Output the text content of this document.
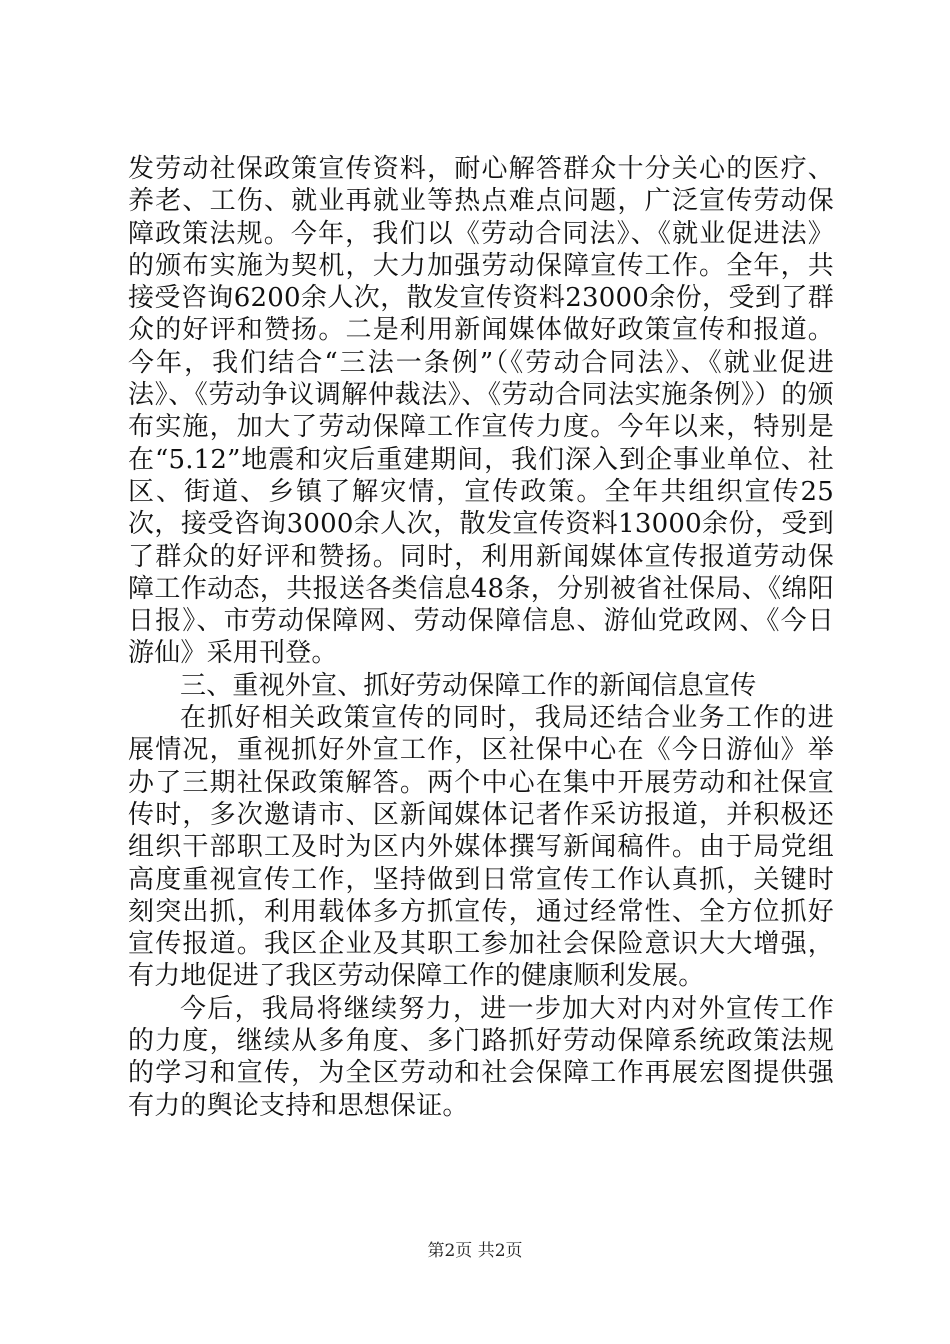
发劳动社保政策宣传资料，耐心解答群众十分关心的医疗、养老、工伤、就业再就业等热点难点问题，广泛宣传劳动保障政策法规。今年，我们以《劳动合同法》、《就业促进法》的颁布实施为契机，大力加强劳动保障宣传工作。全年，共接受咨询6200余人次，散发宣传资料23000余份，受到了群众的好评和赞扬。二是利用新闻媒体做好政策宣传和报道。今年，我们结合“三法一条例”（《劳动合同法》、《就业促进法》、《劳动争议调解仲裁法》、《劳动合同法实施条例》）的颁布实施，加大了劳动保障工作宣传力度。今年以来，特别是在“5.12”地震和灾后重建期间，我们深入到企事业单位、社区、街道、乡镇了解灾情，宣传政策。全年共组织宣传25次，接受咨询3000余人次，散发宣传资料13000余份，受到了群众的好评和赞扬。同时，利用新闻媒体宣传报道劳动保障工作动态，共报送各类信息48条，分别被省社保局、《绵阳日报》、市劳动保障网、劳动保障信息、游仙党政网、《今日游仙》采用刊登。

三、重视外宣、抓好劳动保障工作的新闻信息宣传

在抓好相关政策宣传的同时，我局还结合业务工作的进展情况，重视抓好外宣工作，区社保中心在《今日游仙》举办了三期社保政策解答。两个中心在集中开展劳动和社保宣传时，多次邀请市、区新闻媒体记者作采访报道，并积极还组织干部职工及时为区内外媒体撰写新闻稿件。由于局党组高度重视宣传工作，坚持做到日常宣传工作认真抓，关键时刻突出抓，利用载体多方抓宣传，通过经常性、全方位抓好宣传报道。我区企业及其职工参加社会保险意识大大增强，有力地促进了我区劳动保障工作的健康顺利发展。

今后，我局将继续努力，进一步加大对内对外宣传工作的力度，继续从多角度、多门路抓好劳动保障系统政策法规的学习和宣传，为全区劳动和社会保障工作再展宏图提供强有力的舆论支持和思想保证。

第2页 共2页
